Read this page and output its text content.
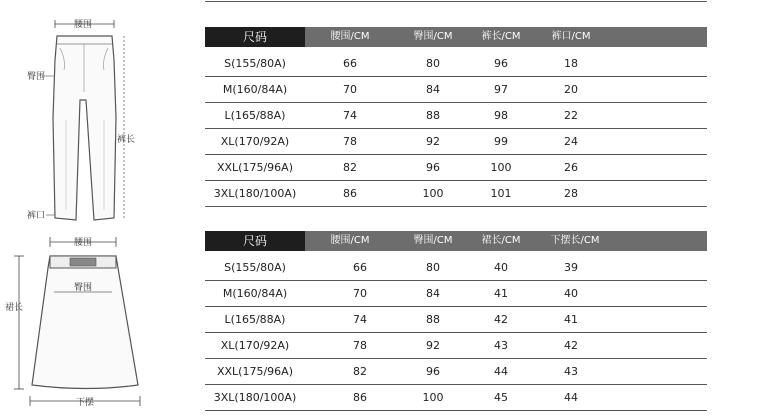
腰围
裤长
臀围
裤口
腰围
臀围
裙长
下摆
尺码	腰围/CM	臀围/CM	裤长/CM	裤口/CM
S(155/80A)	66	80	96	18
M(160/84A)	70	84	97	20
L(165/88A)	74	88	98	22
XL(170/92A)	78	92	99	24
XXL(175/96A)	82	96	100	26
3XL(180/100A)	86	100	101	28
尺码	腰围/CM	臀围/CM	裙长/CM	下摆长/CM
S(155/80A)	66	80	40	39
M(160/84A)	70	84	41	40
L(165/88A)	74	88	42	41
XL(170/92A)	78	92	43	42
XXL(175/96A)	82	96	44	43
3XL(180/100A)	86	100	45	44
